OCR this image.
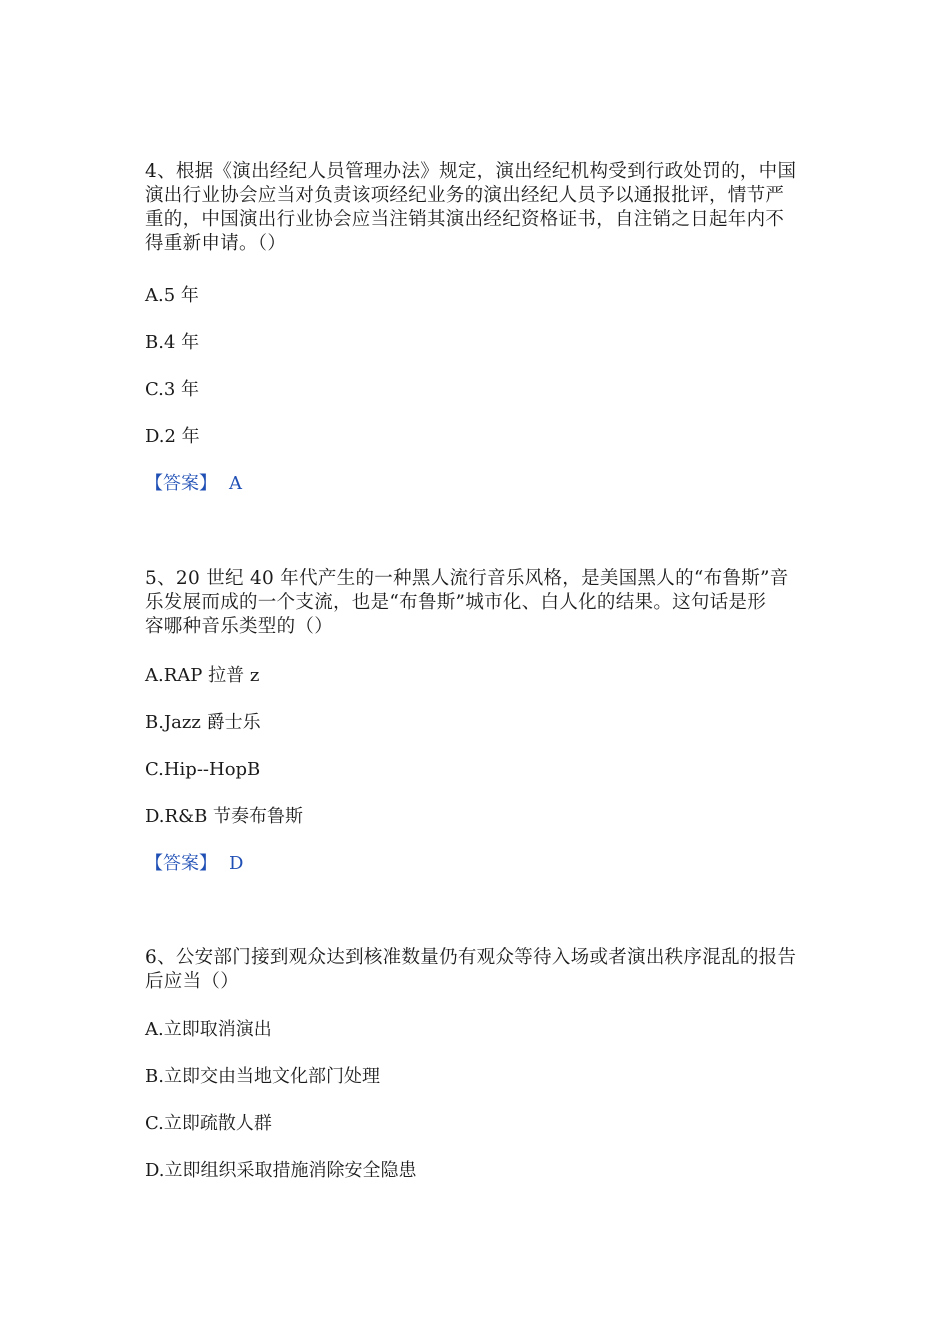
4、根据《演出经纪人员管理办法》规定，演出经纪机构受到行政处罚的，中国
演出行业协会应当对负责该项经纪业务的演出经纪人员予以通报批评，情节严
重的，中国演出行业协会应当注销其演出经纪资格证书，自注销之日起年内不
得重新申请。（）
A.5 年
B.4 年
C.3 年
D.2 年
【答案】 A
5、20 世纪 40 年代产生的一种黑人流行音乐风格，是美国黑人的“布鲁斯”音
乐发展而成的一个支流，也是“布鲁斯”城市化、白人化的结果。这句话是形
容哪种音乐类型的（）
A.RAP 拉普 z
B.Jazz 爵士乐
C.Hip--HopB
D.R&B 节奏布鲁斯
【答案】 D
6、公安部门接到观众达到核准数量仍有观众等待入场或者演出秩序混乱的报告
后应当（）
A.立即取消演出
B.立即交由当地文化部门处理
C.立即疏散人群
D.立即组织采取措施消除安全隐患
